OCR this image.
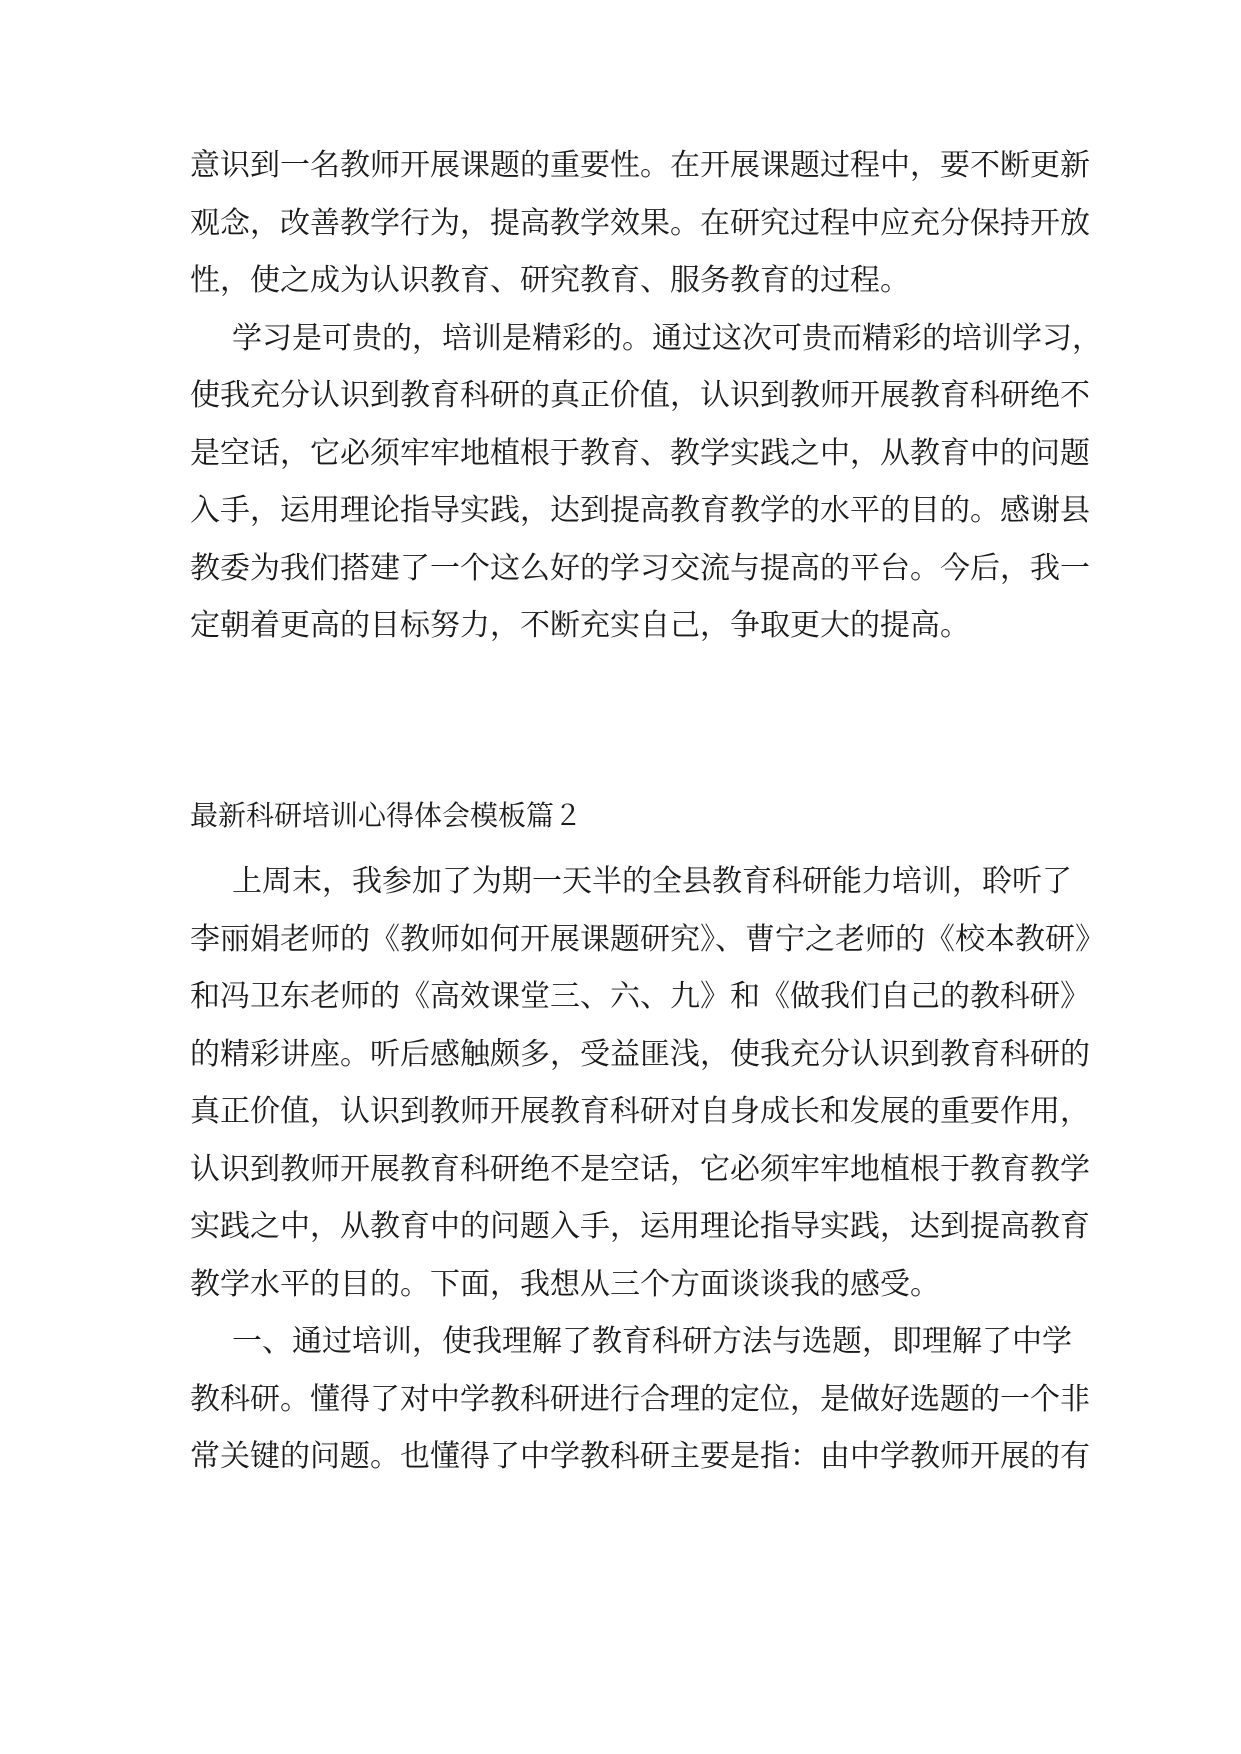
意识到一名教师开展课题的重要性。在开展课题过程中，要不断更新
观念，改善教学行为，提高教学效果。在研究过程中应充分保持开放
性，使之成为认识教育、研究教育、服务教育的过程。
学习是可贵的，培训是精彩的。通过这次可贵而精彩的培训学习，
使我充分认识到教育科研的真正价值，认识到教师开展教育科研绝不
是空话，它必须牢牢地植根于教育、教学实践之中，从教育中的问题
入手，运用理论指导实践，达到提高教育教学的水平的目的。感谢县
教委为我们搭建了一个这么好的学习交流与提高的平台。今后，我一
定朝着更高的目标努力，不断充实自己，争取更大的提高。
最新科研培训心得体会模板篇２
上周末，我参加了为期一天半的全县教育科研能力培训，聆听了
李丽娟老师的《教师如何开展课题研究》、曹宁之老师的《校本教研》
和冯卫东老师的《高效课堂三、六、九》和《做我们自己的教科研》
的精彩讲座。听后感触颇多，受益匪浅，使我充分认识到教育科研的
真正价值，认识到教师开展教育科研对自身成长和发展的重要作用，
认识到教师开展教育科研绝不是空话，它必须牢牢地植根于教育教学
实践之中，从教育中的问题入手，运用理论指导实践，达到提高教育
教学水平的目的。下面，我想从三个方面谈谈我的感受。
一、通过培训，使我理解了教育科研方法与选题，即理解了中学
教科研。懂得了对中学教科研进行合理的定位，是做好选题的一个非
常关键的问题。也懂得了中学教科研主要是指：由中学教师开展的有
